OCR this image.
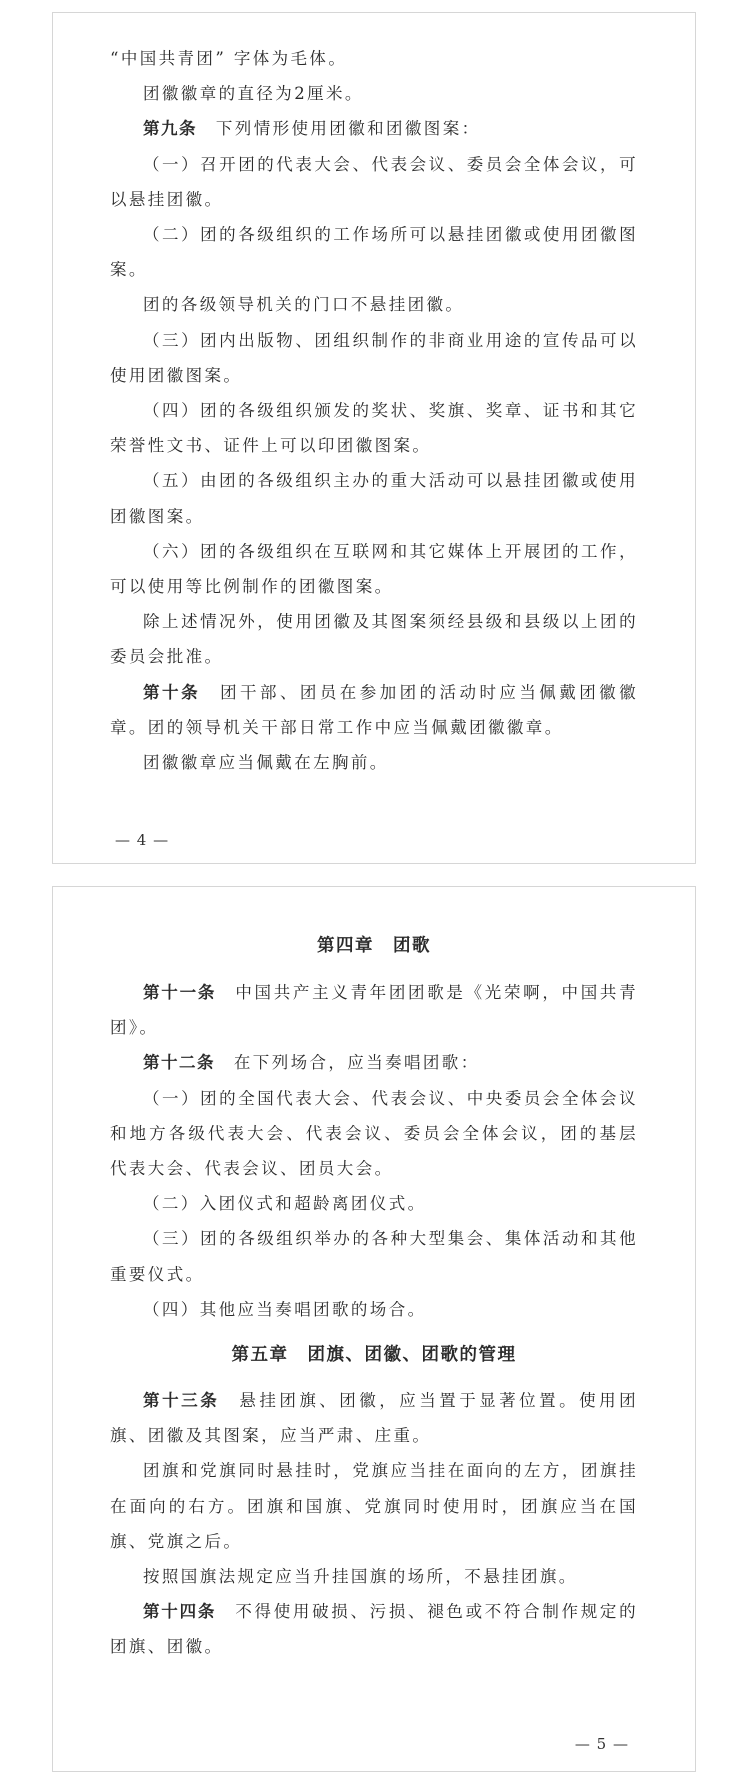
“中国共青团” 字体为毛体。

团徽徽章的直径为2厘米。

第九条　 下列情形使用团徽和团徽图案：

（一）召开团的代表大会、代表会议、委员会全体会议，可以悬挂团徽。

（二）团的各级组织的工作场所可以悬挂团徽或使用团徽图案。

团的各级领导机关的门口不悬挂团徽。

（三）团内出版物、团组织制作的非商业用途的宣传品可以使用团徽图案。

（四）团的各级组织颁发的奖状、奖旗、奖章、证书和其它荣誉性文书、证件上可以印团徽图案。

（五）由团的各级组织主办的重大活动可以悬挂团徽或使用团徽图案。

（六）团的各级组织在互联网和其它媒体上开展团的工作，可以使用等比例制作的团徽图案。

除上述情况外，使用团徽及其图案须经县级和县级以上团的委员会批准。

第十条　 团干部、团员在参加团的活动时应当佩戴团徽徽章。团的领导机关干部日常工作中应当佩戴团徽徽章。

团徽徽章应当佩戴在左胸前。

— 4 —
第四章　团歌

第十一条　 中国共产主义青年团团歌是《光荣啊，中国共青团》。

第十二条　 在下列场合，应当奏唱团歌：

（一）团的全国代表大会、代表会议、中央委员会全体会议和地方各级代表大会、代表会议、委员会全体会议，团的基层代表大会、代表会议、团员大会。

（二）入团仪式和超龄离团仪式。

（三）团的各级组织举办的各种大型集会、集体活动和其他重要仪式。

（四）其他应当奏唱团歌的场合。

第五章　团旗、团徽、团歌的管理

第十三条　 悬挂团旗、团徽，应当置于显著位置。使用团旗、团徽及其图案，应当严肃、庄重。

团旗和党旗同时悬挂时，党旗应当挂在面向的左方，团旗挂在面向的右方。团旗和国旗、党旗同时使用时，团旗应当在国旗、党旗之后。

按照国旗法规定应当升挂国旗的场所，不悬挂团旗。

第十四条　 不得使用破损、污损、褪色或不符合制作规定的团旗、团徽。

— 5 —
